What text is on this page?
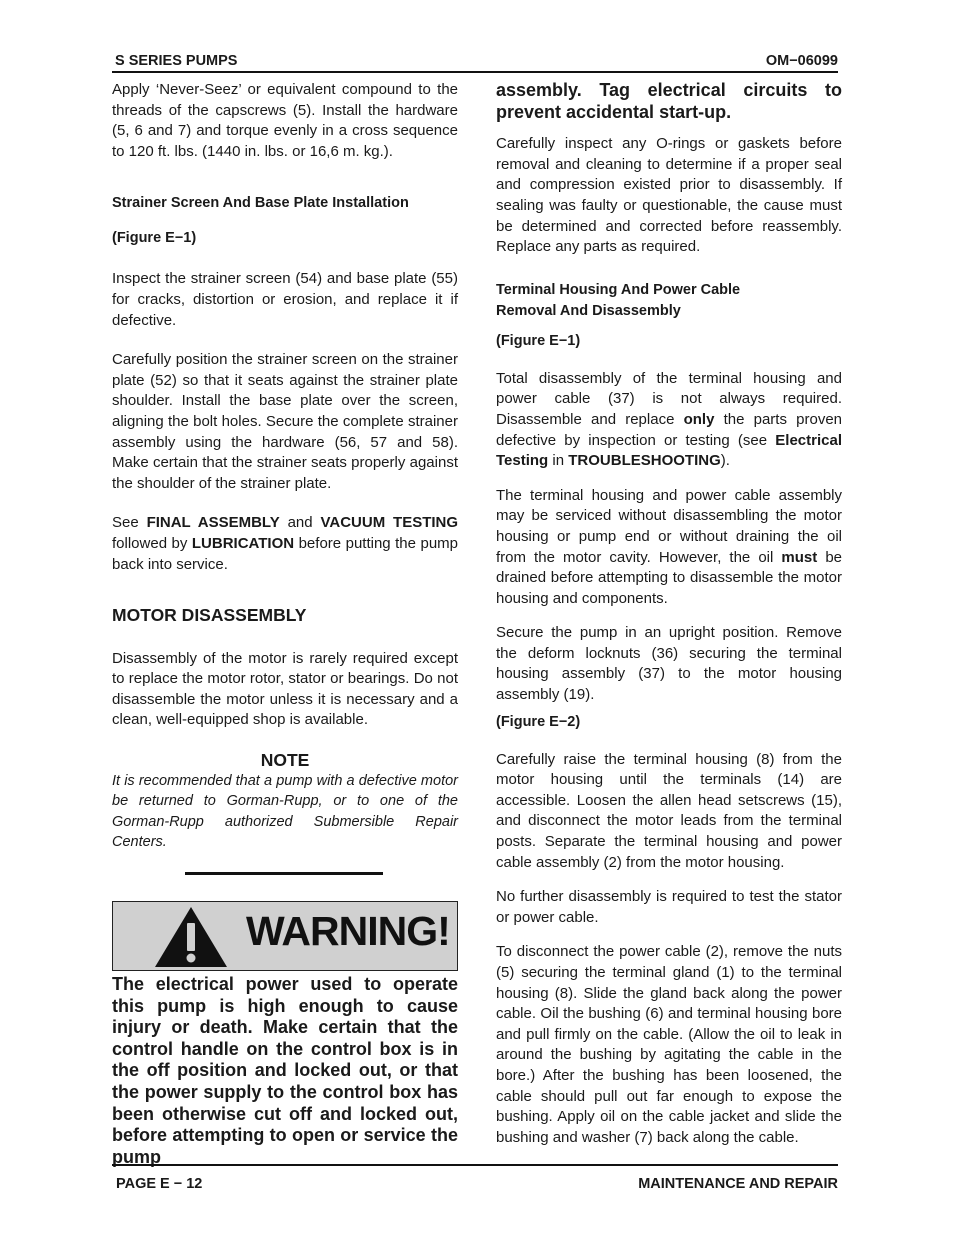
S SERIES PUMPS	OM−06099

Apply ‘Never-Seez’ or equivalent compound to the threads of the capscrews (5). Install the hardware (5, 6 and 7) and torque evenly in a cross sequence to 120 ft. lbs. (1440 in. lbs. or 16,6 m. kg.).

Strainer Screen And Base Plate Installation

(Figure E−1)

Inspect the strainer screen (54) and base plate (55) for cracks, distortion or erosion, and replace it if defective.

Carefully position the strainer screen on the strainer plate (52) so that it seats against the strainer plate shoulder. Install the base plate over the screen, aligning the bolt holes. Secure the complete strainer assembly using the hardware (56, 57 and 58). Make certain that the strainer seats properly against the shoulder of the strainer plate.

See FINAL ASSEMBLY and VACUUM TESTING followed by LUBRICATION before putting the pump back into service.

MOTOR DISASSEMBLY

Disassembly of the motor is rarely required except to replace the motor rotor, stator or bearings. Do not disassemble the motor unless it is necessary and a clean, well-equipped shop is available.

NOTE

It is recommended that a pump with a defective motor be returned to Gorman-Rupp, or to one of the Gorman-Rupp authorized Submersible Repair Centers.

WARNING!

The electrical power used to operate this pump is high enough to cause injury or death. Make certain that the control handle on the control box is in the off position and locked out, or that the power supply to the control box has been otherwise cut off and locked out, before attempting to open or service the pump

assembly. Tag electrical circuits to prevent accidental start-up.

Carefully inspect any O-rings or gaskets before removal and cleaning to determine if a proper seal and compression existed prior to disassembly. If sealing was faulty or questionable, the cause must be determined and corrected before reassembly. Replace any parts as required.

Terminal Housing And Power Cable

Removal And Disassembly

(Figure E−1)

Total disassembly of the terminal housing and power cable (37) is not always required. Disassemble and replace only the parts proven defective by inspection or testing (see Electrical Testing in TROUBLESHOOTING).

The terminal housing and power cable assembly may be serviced without disassembling the motor housing or pump end or without draining the oil from the motor cavity. However, the oil must be drained before attempting to disassemble the motor housing and components.

Secure the pump in an upright position. Remove the deform locknuts (36) securing the terminal housing assembly (37) to the motor housing assembly (19).

(Figure E−2)

Carefully raise the terminal housing (8) from the motor housing until the terminals (14) are accessible. Loosen the allen head setscrews (15), and disconnect the motor leads from the terminal posts. Separate the terminal housing and power cable assembly (2) from the motor housing.

No further disassembly is required to test the stator or power cable.

To disconnect the power cable (2), remove the nuts (5) securing the terminal gland (1) to the terminal housing (8). Slide the gland back along the power cable. Oil the bushing (6) and terminal housing bore and pull firmly on the cable. (Allow the oil to leak in around the bushing by agitating the cable in the bore.) After the bushing has been loosened, the cable should pull out far enough to expose the bushing. Apply oil on the cable jacket and slide the bushing and washer (7) back along the cable.

PAGE E − 12	MAINTENANCE AND REPAIR
